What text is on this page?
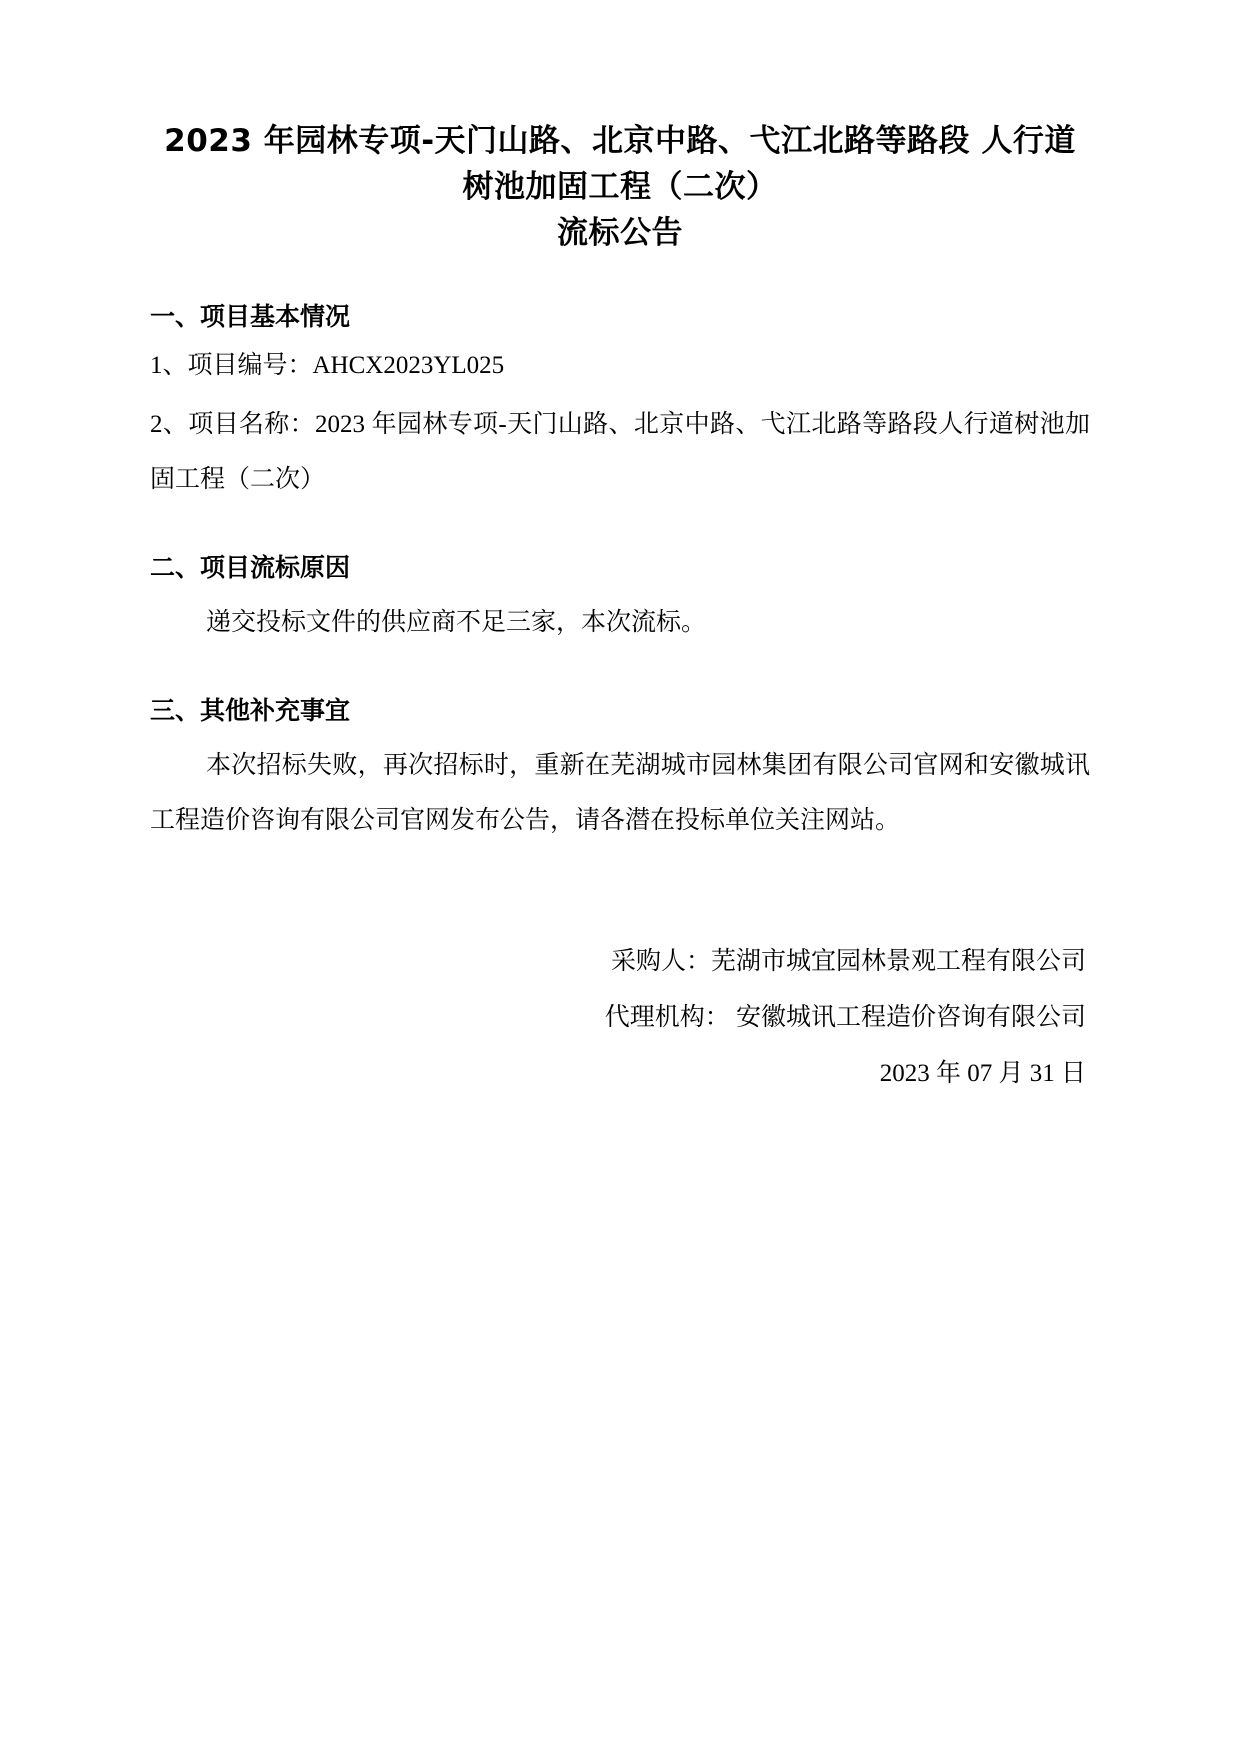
2023 年园林专项-天门山路、北京中路、弋江北路等路段 人行道树池加固工程（二次）
流标公告
一、项目基本情况

1、项目编号：AHCX2023YL025

2、项目名称：2023 年园林专项-天门山路、北京中路、弋江北路等路段人行道树池加固工程（二次）

二、项目流标原因

递交投标文件的供应商不足三家，本次流标。

三、其他补充事宜

本次招标失败，再次招标时，重新在芜湖城市园林集团有限公司官网和安徽城讯工程造价咨询有限公司官网发布公告，请各潜在投标单位关注网站。

采购人：芜湖市城宜园林景观工程有限公司
代理机构： 安徽城讯工程造价咨询有限公司
2023 年 07 月 31 日
